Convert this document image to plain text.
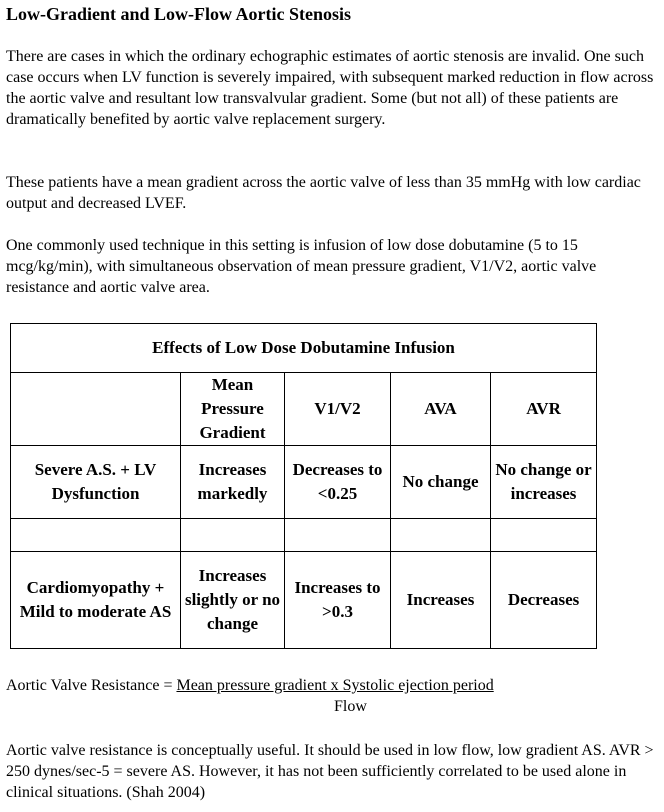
Low-Gradient and Low-Flow Aortic Stenosis

There are cases in which the ordinary echographic estimates of aortic stenosis are invalid. One such case occurs when LV function is severely impaired, with subsequent marked reduction in flow across the aortic valve and resultant low transvalvular gradient. Some (but not all) of these patients are dramatically benefited by aortic valve replacement surgery.

These patients have a mean gradient across the aortic valve of less than 35 mmHg with low cardiac output and decreased LVEF.

One commonly used technique in this setting is infusion of low dose dobutamine (5 to 15 mcg/kg/min), with simultaneous observation of mean pressure gradient, V1/V2, aortic valve resistance and aortic valve area.

Effects of Low Dose Dobutamine Infusion				
	Mean Pressure Gradient	V1/V2	AVA	AVR
Severe A.S. + LV Dysfunction	Increases markedly	Decreases to <0.25	No change	No change or increases

Cardiomyopathy + Mild to moderate AS	Increases slightly or no change	Increases to >0.3	Increases	Decreases
Aortic Valve Resistance = Mean pressure gradient x Systolic ejection period
Flow

Aortic valve resistance is conceptually useful. It should be used in low flow, low gradient AS. AVR > 250 dynes/sec-5 = severe AS. However, it has not been sufficiently correlated to be used alone in clinical situations. (Shah 2004)
